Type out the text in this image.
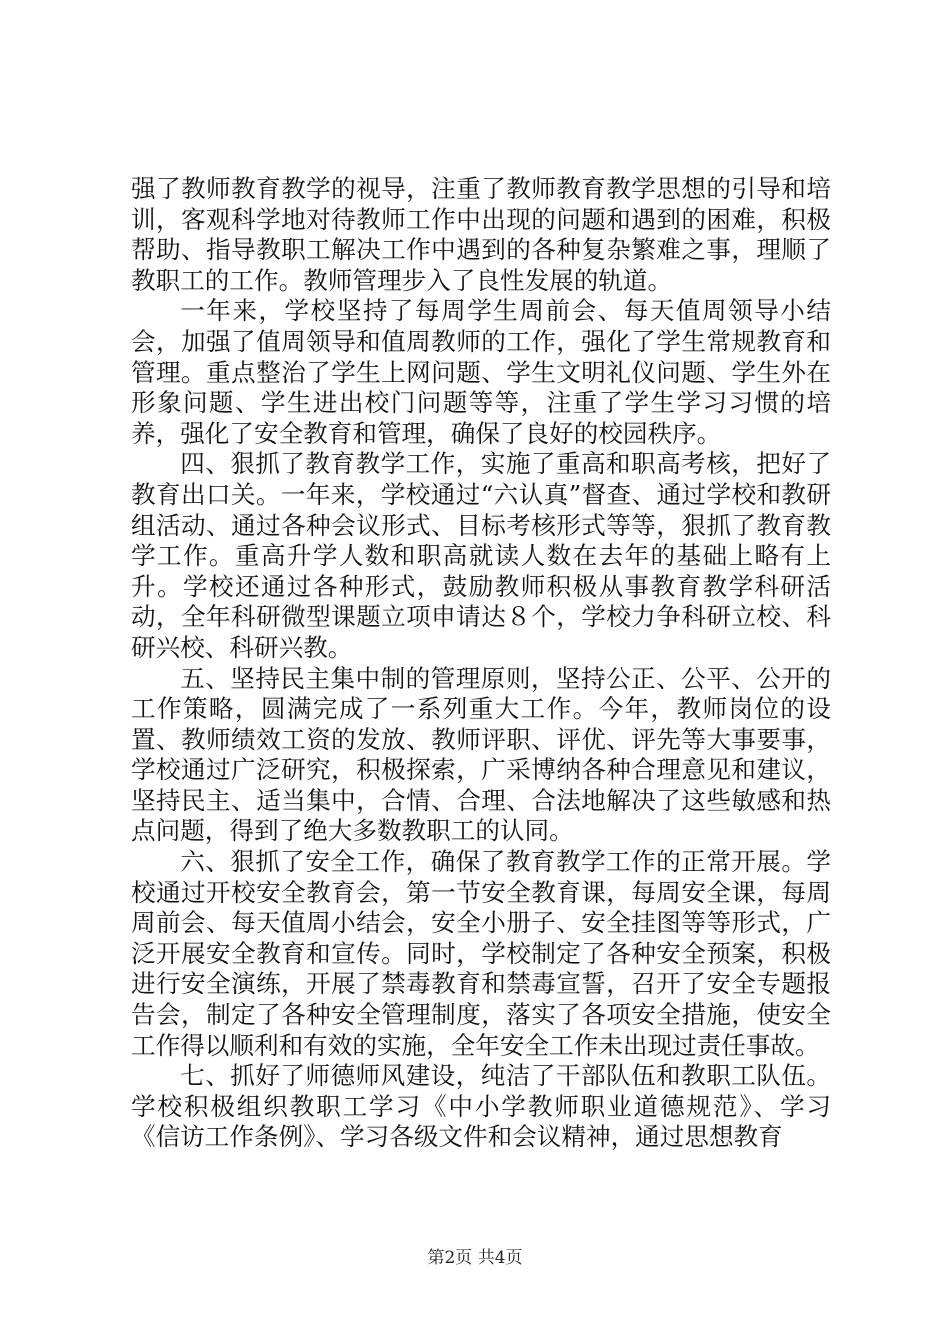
强了教师教育教学的视导，注重了教师教育教学思想的引导和培训，客观科学地对待教师工作中出现的问题和遇到的困难，积极帮助、指导教职工解决工作中遇到的各种复杂繁难之事，理顺了教职工的工作。教师管理步入了良性发展的轨道。

一年来，学校坚持了每周学生周前会、每天值周领导小结会，加强了值周领导和值周教师的工作，强化了学生常规教育和管理。重点整治了学生上网问题、学生文明礼仪问题、学生外在形象问题、学生进出校门问题等等，注重了学生学习习惯的培养，强化了安全教育和管理，确保了良好的校园秩序。

四、狠抓了教育教学工作，实施了重高和职高考核，把好了教育出口关。一年来，学校通过“六认真”督查、通过学校和教研组活动、通过各种会议形式、目标考核形式等等，狠抓了教育教学工作。重高升学人数和职高就读人数在去年的基础上略有上升。学校还通过各种形式，鼓励教师积极从事教育教学科研活动，全年科研微型课题立项申请达８个，学校力争科研立校、科研兴校、科研兴教。

五、坚持民主集中制的管理原则，坚持公正、公平、公开的工作策略，圆满完成了一系列重大工作。今年，教师岗位的设置、教师绩效工资的发放、教师评职、评优、评先等大事要事，学校通过广泛研究，积极探索，广采博纳各种合理意见和建议，坚持民主、适当集中，合情、合理、合法地解决了这些敏感和热点问题，得到了绝大多数教职工的认同。

六、狠抓了安全工作，确保了教育教学工作的正常开展。学校通过开校安全教育会，第一节安全教育课，每周安全课，每周周前会、每天值周小结会，安全小册子、安全挂图等等形式，广泛开展安全教育和宣传。同时，学校制定了各种安全预案，积极进行安全演练，开展了禁毒教育和禁毒宣誓，召开了安全专题报告会，制定了各种安全管理制度，落实了各项安全措施，使安全工作得以顺利和有效的实施，全年安全工作未出现过责任事故。

七、抓好了师德师风建设，纯洁了干部队伍和教职工队伍。学校积极组织教职工学习《中小学教师职业道德规范》、学习《信访工作条例》、学习各级文件和会议精神，通过思想教育

第2页 共4页
